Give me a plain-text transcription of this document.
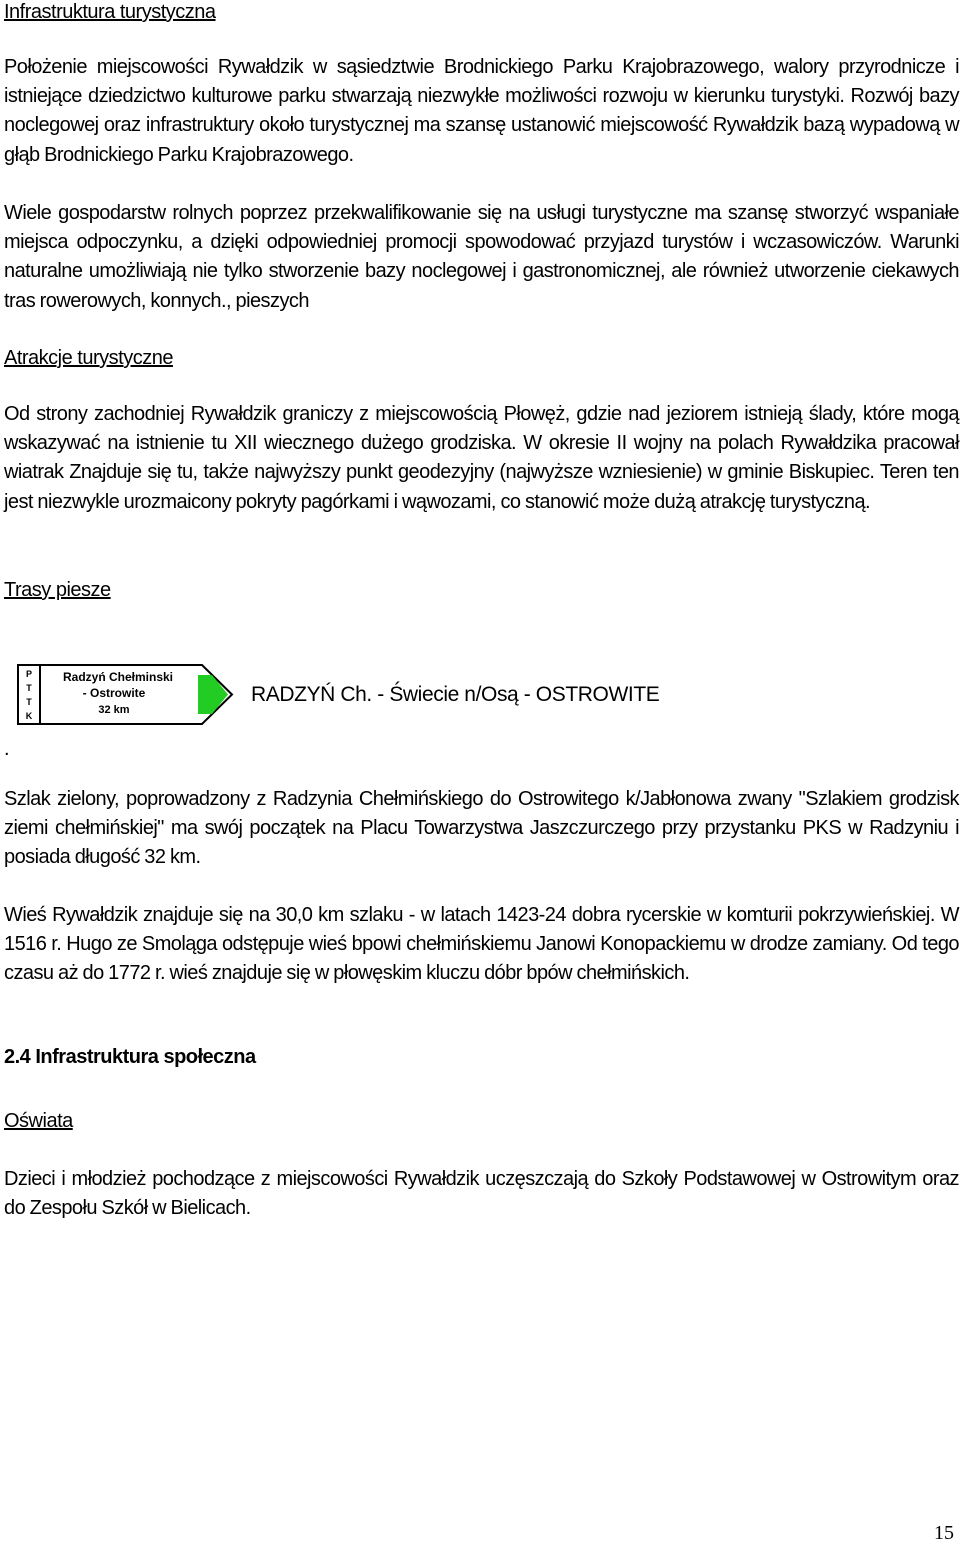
Infrastruktura turystyczna

Położenie miejscowości Rywałdzik w sąsiedztwie Brodnickiego Parku Krajobrazowego, walory przyrodnicze i istniejące dziedzictwo kulturowe parku stwarzają niezwykłe możliwości rozwoju w kierunku turystyki. Rozwój bazy noclegowej oraz infrastruktury około turystycznej ma szansę ustanowić miejscowość Rywałdzik bazą wypadową w głąb Brodnickiego Parku Krajobrazowego.

Wiele gospodarstw rolnych poprzez przekwalifikowanie się na usługi turystyczne ma szansę stworzyć wspaniałe miejsca odpoczynku, a dzięki odpowiedniej promocji spowodować przyjazd turystów i wczasowiczów. Warunki naturalne umożliwiają nie tylko stworzenie bazy noclegowej i gastronomicznej, ale również utworzenie ciekawych tras rowerowych, konnych., pieszych

Atrakcje turystyczne

Od strony zachodniej Rywałdzik graniczy z miejscowością Płowęż, gdzie nad jeziorem istnieją ślady, które mogą wskazywać na istnienie tu XII wiecznego dużego grodziska. W okresie II wojny na polach Rywałdzika pracował wiatrak Znajduje się tu, także najwyższy punkt geodezyjny (najwyższe wzniesienie) w gminie Biskupiec. Teren ten jest niezwykle urozmaicony pokryty pagórkami i wąwozami, co stanowić może dużą atrakcję turystyczną.

Trasy piesze
P
T
T
K
Radzyń Chełminski
- Ostrowite
32 km
RADZYŃ Ch. - Świecie n/Osą - OSTROWITE
.

Szlak zielony, poprowadzony z Radzynia Chełmińskiego do Ostrowitego k/Jabłonowa zwany "Szlakiem grodzisk ziemi chełmińskiej" ma swój początek na Placu Towarzystwa Jaszczurczego przy przystanku PKS w Radzyniu i posiada długość 32 km.

Wieś Rywałdzik znajduje się na 30,0 km szlaku - w latach 1423-24 dobra rycerskie w komturii pokrzywieńskiej. W 1516 r. Hugo ze Smoląga odstępuje wieś bpowi chełmińskiemu Janowi Konopackiemu w drodze zamiany. Od tego czasu aż do 1772 r. wieś znajduje się w płowęskim kluczu dóbr bpów chełmińskich.

2.4 Infrastruktura społeczna
Oświata

Dzieci i młodzież pochodzące z miejscowości Rywałdzik uczęszczają do Szkoły Podstawowej w Ostrowitym oraz do Zespołu Szkół w Bielicach.

15
